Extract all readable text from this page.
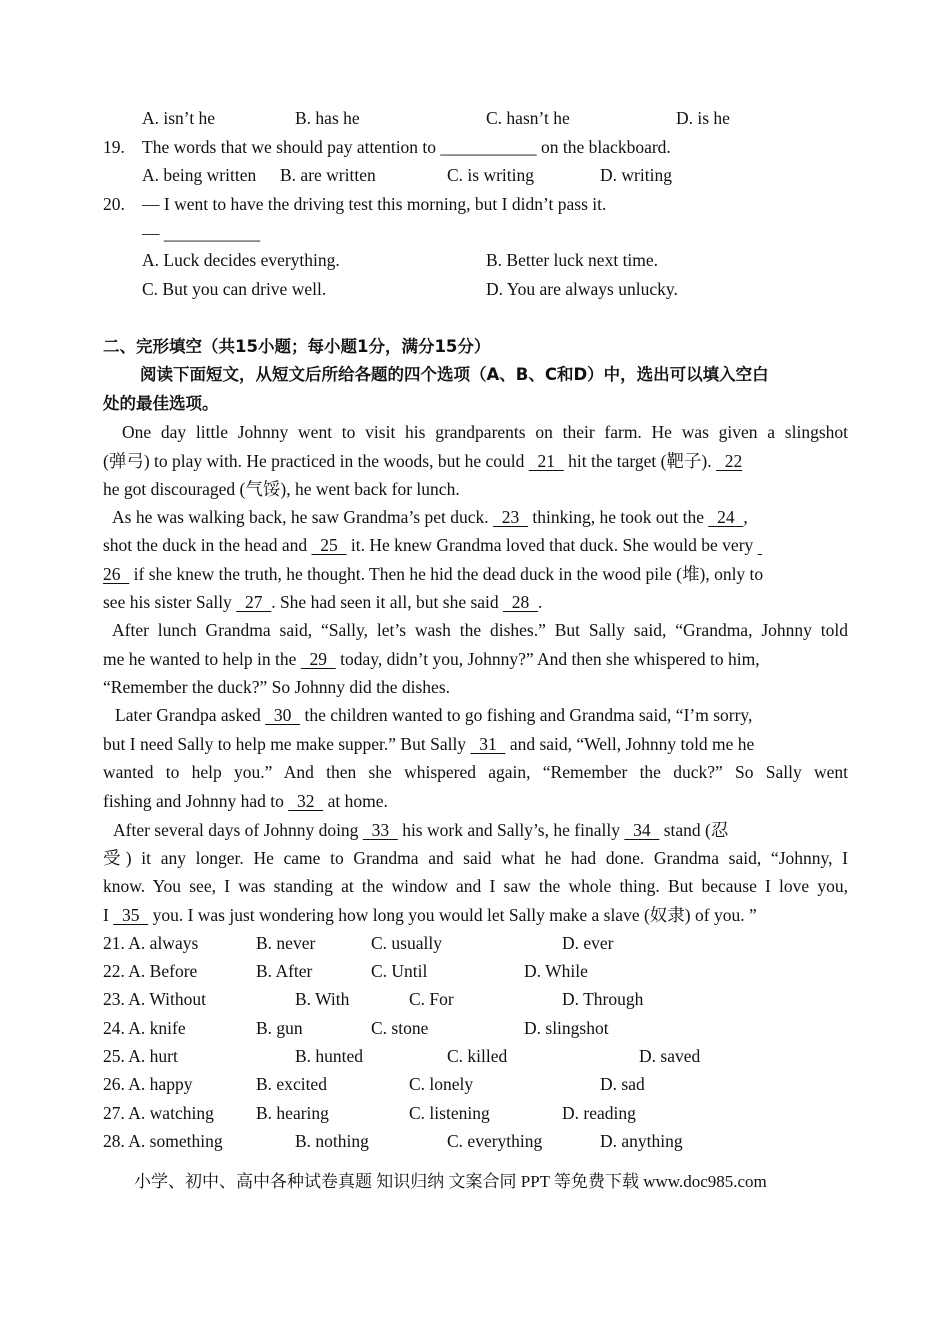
A. isn’t he	B. has he	C. hasn’t he	D. is he
19. The words that we should pay attention to ___________ on the blackboard.
A. being written B. are written	C. is writing	D. writing
20. — I went to have the driving test this morning, but I didn’t pass it.
— ___________
A. Luck decides everything.	B. Better luck next time.
C. But you can drive well.	D. You are always unlucky.
二、完形填空（共15小题；每小题1分，满分15分）
阅读下面短文，从短文后所给各题的四个选项（A、B、C和D）中，选出可以填入空白
处的最佳选项。
One day little Johnny went to visit his grandparents on their farm. He was given a slingshot
(弹弓) to play with. He practiced in the woods, but he could   21   hit the target (靶子).   22
he got discouraged (气馁), he went back for lunch.
As he was walking back, he saw Grandma’s pet duck.   23   thinking, he took out the   24  ,
shot the duck in the head and   25   it. He knew Grandma loved that duck. She would be very
26   if she knew the truth, he thought. Then he hid the dead duck in the wood pile (堆), only to
see his sister Sally   27  . She had seen it all, but she said   28  .
After lunch Grandma said, “Sally, let’s wash the dishes.” But Sally said, “Grandma, Johnny told
me he wanted to help in the   29   today, didn’t you, Johnny?” And then she whispered to him,
“Remember the duck?” So Johnny did the dishes.
Later Grandpa asked   30   the children wanted to go fishing and Grandma said, “I’m sorry,
but I need Sally to help me make supper.” But Sally   31   and said, “Well, Johnny told me he
wanted to help you.” And then she whispered again, “Remember the duck?” So Sally went
fishing and Johnny had to   32   at home.
After several days of Johnny doing   33   his work and Sally’s, he finally   34   stand (忍
受) it any longer. He came to Grandma and said what he had done. Grandma said, “Johnny, I
know. You see, I was standing at the window and I saw the whole thing. But because I love you,
I   35   you. I was just wondering how long you would let Sally make a slave (奴隶) of you. ”
21. A. always	B. never	C. usually	D. ever
22. A. Before	B. After	C. Until	D. While
23. A. Without	B. With	C. For	D. Through
24. A. knife	B. gun	C. stone	D. slingshot
25. A. hurt	B. hunted	C. killed	D. saved
26. A. happy	B. excited	C. lonely	D. sad
27. A. watching B. hearing	C. listening	D. reading
28. A. something	B. nothing	C. everything	D. anything
小学、初中、高中各种试卷真题 知识归纳 文案合同 PPT 等免费下载 www.doc985.com
